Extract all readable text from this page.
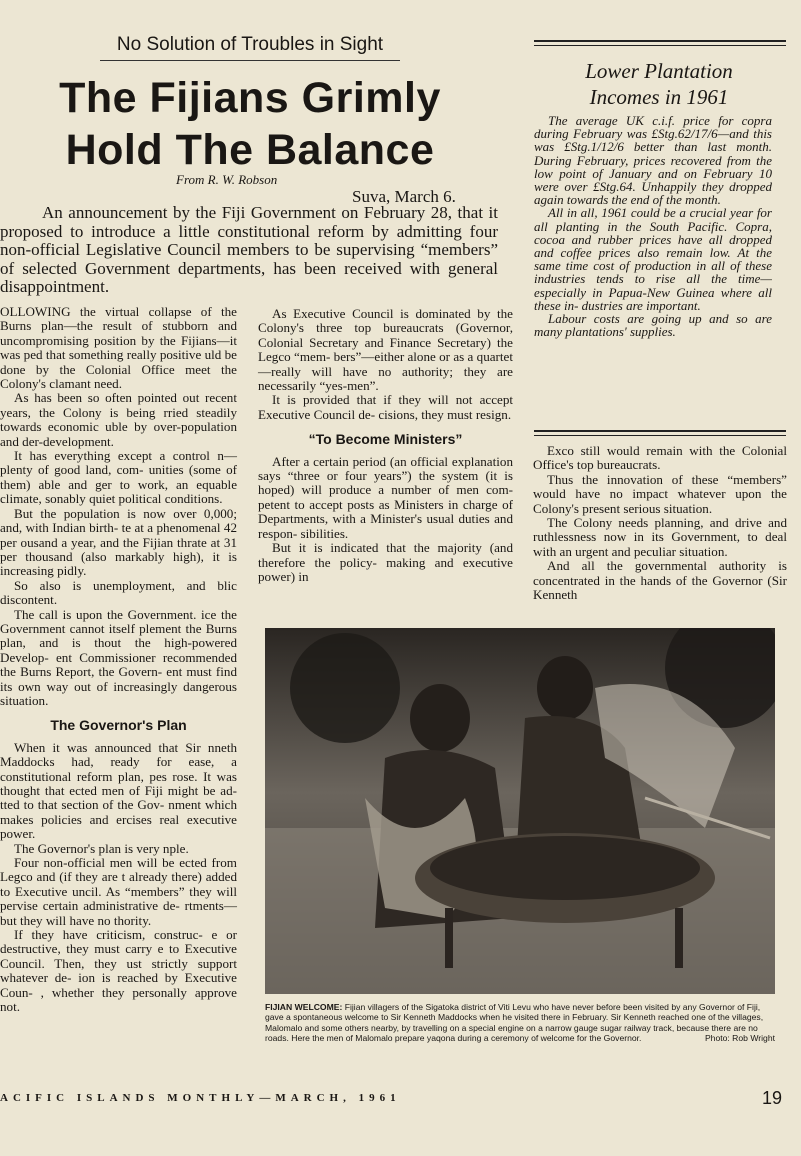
No Solution of Troubles in Sight
The Fijians Grimly Hold The Balance
From R. W. Robson
Suva, March 6.
An announcement by the Fiji Government on February 28, that it proposed to introduce a little constitutional reform by admitting four non-official Legislative Council members to be supervising “members” of selected Government departments, has been received with general disappointment.

OLLOWING the virtual collapse of the Burns plan—the result of stubborn and uncompromising position by the Fijians—it was ped that something really positive uld be done by the Colonial Office meet the Colony's clamant need.

As has been so often pointed out recent years, the Colony is being rried steadily towards economic uble by over-population and der-development.

It has everything except a control n—plenty of good land, com- unities (some of them) able and ger to work, an equable climate, sonably quiet political conditions.

But the population is now over 0,000; and, with Indian birth- te at a phenomenal 42 per ousand a year, and the Fijian thrate at 31 per thousand (also markably high), it is increasing pidly.

So also is unemployment, and blic discontent.

The call is upon the Government. ice the Government cannot itself plement the Burns plan, and is thout the high-powered Develop- ent Commissioner recommended the Burns Report, the Govern- ent must find its own way out of increasingly dangerous situation.

The Governor's Plan

When it was announced that Sir nneth Maddocks had, ready for ease, a constitutional reform plan, pes rose. It was thought that ected men of Fiji might be ad- tted to that section of the Gov- nment which makes policies and ercises real executive power.

The Governor's plan is very nple.

Four non-official men will be ected from Legco and (if they are t already there) added to Executive uncil. As “members” they will pervise certain administrative de- rtments—but they will have no thority.

If they have criticism, construc- e or destructive, they must carry e to Executive Council. Then, they ust strictly support whatever de- ion is reached by Executive Coun- , whether they personally approve not.

As Executive Council is dominated by the Colony's three top bureaucrats (Governor, Colonial Secretary and Finance Secretary) the Legco “mem- bers”—either alone or as a quartet —really will have no authority; they are necessarily “yes-men”.

It is provided that if they will not accept Executive Council de- cisions, they must resign.

“To Become Ministers”

After a certain period (an official explanation says “three or four years”) the system (it is hoped) will produce a number of men com- petent to accept posts as Ministers in charge of Departments, with a Minister's usual duties and respon- sibilities.

But it is indicated that the majority (and therefore the policy- making and executive power) in

Lower Plantation
Incomes in 1961

The average UK c.i.f. price for copra during February was £Stg.62/17/6—and this was £Stg.1/12/6 better than last month. During February, prices recovered from the low point of January and on February 10 were over £Stg.64. Unhappily they dropped again towards the end of the month.

All in all, 1961 could be a crucial year for all planting in the South Pacific. Copra, cocoa and rubber prices have all dropped and coffee prices also remain low. At the same time cost of production in all of these industries tends to rise all the time—especially in Papua-New Guinea where all these in- dustries are important.

Labour costs are going up and so are many plantations' supplies.

Exco still would remain with the Colonial Office's top bureaucrats.

Thus the innovation of these “members” would have no impact whatever upon the Colony's present serious situation.

The Colony needs planning, and drive and ruthlessness now in its Government, to deal with an urgent and peculiar situation.

And all the governmental authority is concentrated in the hands of the Governor (Sir Kenneth

FIJIAN WELCOME: Fijian villagers of the Sigatoka district of Viti Levu who have never before been visited by any Governor of Fiji, gave a spontaneous welcome to Sir Kenneth Maddocks when he visited there in February. Sir Kenneth reached one of the villages, Malomalo and some others nearby, by travelling on a special engine on a narrow gauge sugar railway track, because there are no roads. Here the men of Malomalo prepare yaqona during a ceremony of welcome for the Governor.	Photo: Rob Wright
ACIFIC ISLANDS MONTHLY—MARCH, 1961	19
